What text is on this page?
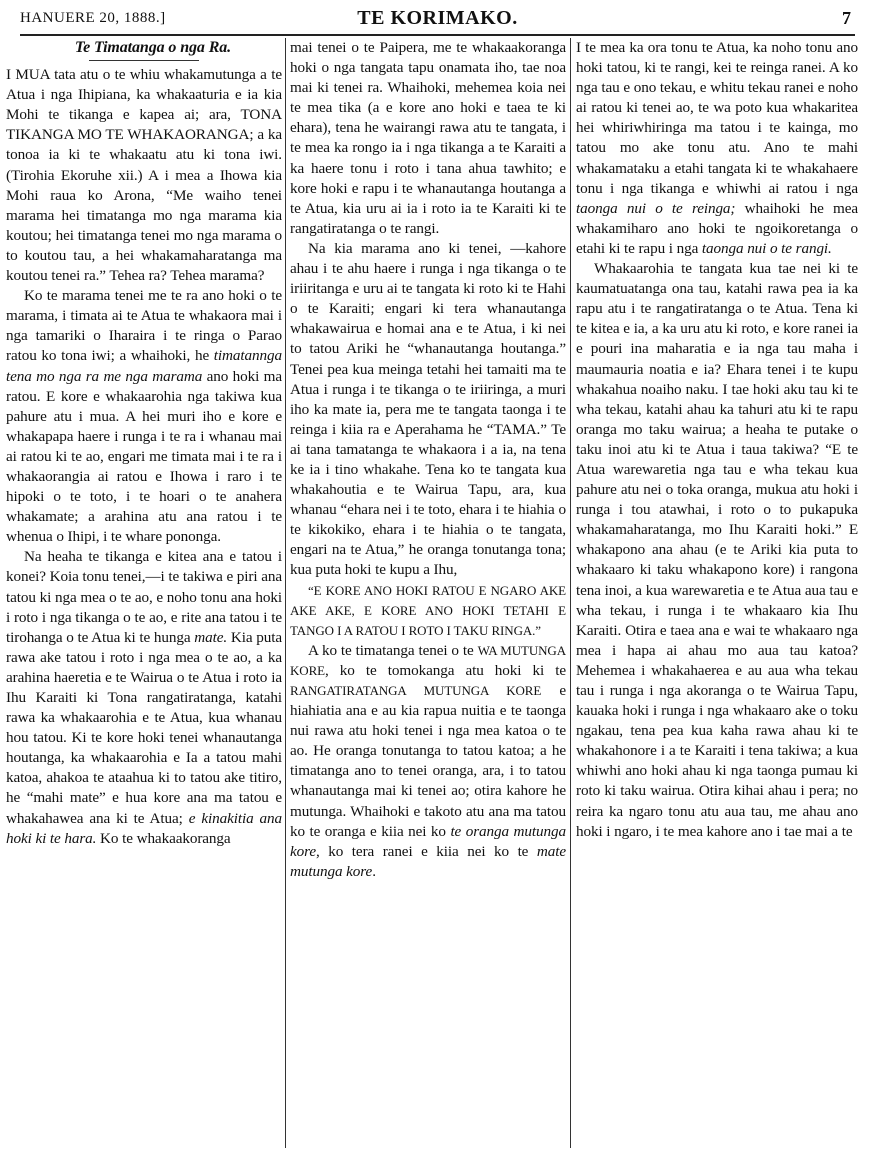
HANUERE 20, 1888.]	TE KORIMAKO.	7

Te Timatanga o nga Ra.

I MUA tata atu o te whiu whakamutunga a te Atua i nga Ihipiana, ka whakaaturia e ia kia Mohi te tikanga e kapea ai; ara, TONA TIKANGA MO TE WHAKAORANGA; a ka tonoa ia ki te whakaatu atu ki tona iwi. (Tirohia Ekoruhe xii.) A i mea a Ihowa kia Mohi raua ko Arona, “Me waiho tenei marama hei timatanga mo nga marama kia koutou; hei timatanga tenei mo nga marama o to koutou tau, a hei whakamaharatanga ma koutou tenei ra.” Tehea ra? Tehea marama?

Ko te marama tenei me te ra ano hoki o te marama, i timata ai te Atua te whakaora mai i nga tamariki o Iharaira i te ringa o Parao ratou ko tona iwi; a whaihoki, he timatannga tena mo nga ra me nga marama ano hoki ma ratou. E kore e whakaarohia nga takiwa kua pahure atu i mua. A hei muri iho e kore e whakapapa haere i runga i te ra i whanau mai ai ratou ki te ao, engari me timata mai i te ra i whakaorangia ai ratou e Ihowa i raro i te hipoki o te toto, i te hoari o te anahera whakamate; a arahina atu ana ratou i te whenua o Ihipi, i te whare pononga.

Na heaha te tikanga e kitea ana e tatou i konei? Koia tonu tenei,—i te takiwa e piri ana tatou ki nga mea o te ao, e noho tonu ana hoki i roto i nga tikanga o te ao, e rite ana tatou i te tirohanga o te Atua ki te hunga mate. Kia puta rawa ake tatou i roto i nga mea o te ao, a ka arahina haeretia e te Wairua o te Atua i roto ia Ihu Karaiti ki Tona rangatiratanga, katahi rawa ka whakaarohia e te Atua, kua whanau hou tatou. Ki te kore hoki tenei whanautanga houtanga, ka whakaarohia e Ia a tatou mahi katoa, ahakoa te ataahua ki to tatou ake titiro, he “mahi mate” e hua kore ana ma tatou e whakahawea ana ki te Atua; e kinakitia ana hoki ki te hara. Ko te whakaakoranga

mai tenei o te Paipera, me te whakaakoranga hoki o nga tangata tapu onamata iho, tae noa mai ki tenei ra. Whaihoki, mehemea koia nei te mea tika (a e kore ano hoki e taea te ki ehara), tena he wairangi rawa atu te tangata, i te mea ka rongo ia i nga tikanga a te Karaiti a ka haere tonu i roto i tana ahua tawhito; e kore hoki e rapu i te whanautanga houtanga a te Atua, kia uru ai ia i roto ia te Karaiti ki te rangatiratanga o te rangi.

Na kia marama ano ki tenei, —kahore ahau i te ahu haere i runga i nga tikanga o te iriiritanga e uru ai te tangata ki roto ki te Hahi o te Karaiti; engari ki tera whanautanga whakawairua e homai ana e te Atua, i ki nei to tatou Ariki he “whanautanga houtanga.” Tenei pea kua meinga tetahi hei tamaiti ma te Atua i runga i te tikanga o te iriiringa, a muri iho ka mate ia, pera me te tangata taonga i te reinga i kiia ra e Aperahama he “TAMA.” Te ai tana tamatanga te whakaora i a ia, na tena ke ia i tino whakahe. Tena ko te tangata kua whakahoutia e te Wairua Tapu, ara, kua whanau “ehara nei i te toto, ehara i te hiahia o te kikokiko, ehara i te hiahia o te tangata, engari na te Atua,” he oranga tonutanga tona; kua puta hoki te kupu a Ihu,

“E KORE ANO HOKI RATOU E NGARO AKE AKE AKE, E KORE ANO HOKI TETAHI E TANGO I A RATOU I ROTO I TAKU RINGA.”

A ko te timatanga tenei o te WA MUTUNGA KORE, ko te tomokanga atu hoki ki te RANGATIRATANGA MUTUNGA KORE e hiahiatia ana e au kia rapua nuitia e te taonga nui rawa atu hoki tenei i nga mea katoa o te ao. He oranga tonutanga to tatou katoa; a he timatanga ano to tenei oranga, ara, i to tatou whanautanga mai ki tenei ao; otira kahore he mutunga. Whaihoki e takoto atu ana ma tatou ko te oranga e kiia nei ko te oranga mutunga kore, ko tera ranei e kiia nei ko te mate mutunga kore.

I te mea ka ora tonu te Atua, ka noho tonu ano hoki tatou, ki te rangi, kei te reinga ranei. A ko nga tau e ono tekau, e whitu tekau ranei e noho ai ratou ki tenei ao, te wa poto kua whakaritea hei whiriwhiringa ma tatou i te kainga, mo tatou mo ake tonu atu. Ano te mahi whakamataku a etahi tangata ki te whakahaere tonu i nga tikanga e whiwhi ai ratou i nga taonga nui o te reinga; whaihoki he mea whakamiharo ano hoki te ngoikoretanga o etahi ki te rapu i nga taonga nui o te rangi.

Whakaarohia te tangata kua tae nei ki te kaumatuatanga ona tau, katahi rawa pea ia ka rapu atu i te rangatiratanga o te Atua. Tena ki te kitea e ia, a ka uru atu ki roto, e kore ranei ia e pouri ina maharatia e ia nga tau maha i maumauria noatia e ia? Ehara tenei i te kupu whakahua noaiho naku. I tae hoki aku tau ki te wha tekau, katahi ahau ka tahuri atu ki te rapu oranga mo taku wairua; a heaha te putake o taku inoi atu ki te Atua i taua takiwa? “E te Atua warewaretia nga tau e wha tekau kua pahure atu nei o toka oranga, mukua atu hoki i runga i tou atawhai, i roto o to pukapuka whakamaharatanga, mo Ihu Karaiti hoki.” E whakapono ana ahau (e te Ariki kia puta to whakaaro ki taku whakapono kore) i rangona tena inoi, a kua warewaretia e te Atua aua tau e wha tekau, i runga i te whakaaro kia Ihu Karaiti. Otira e taea ana e wai te whakaaro nga mea i hapa ai ahau mo aua tau katoa? Mehemea i whakahaerea e au aua wha tekau tau i runga i nga akoranga o te Wairua Tapu, kauaka hoki i runga i nga whakaaro ake o toku ngakau, tena pea kua kaha rawa ahau ki te whakahonore i a te Karaiti i tena takiwa; a kua whiwhi ano hoki ahau ki nga taonga pumau ki roto ki taku wairua. Otira kihai ahau i pera; no reira ka ngaro tonu atu aua tau, me ahau ano hoki i ngaro, i te mea kahore ano i tae mai a te
